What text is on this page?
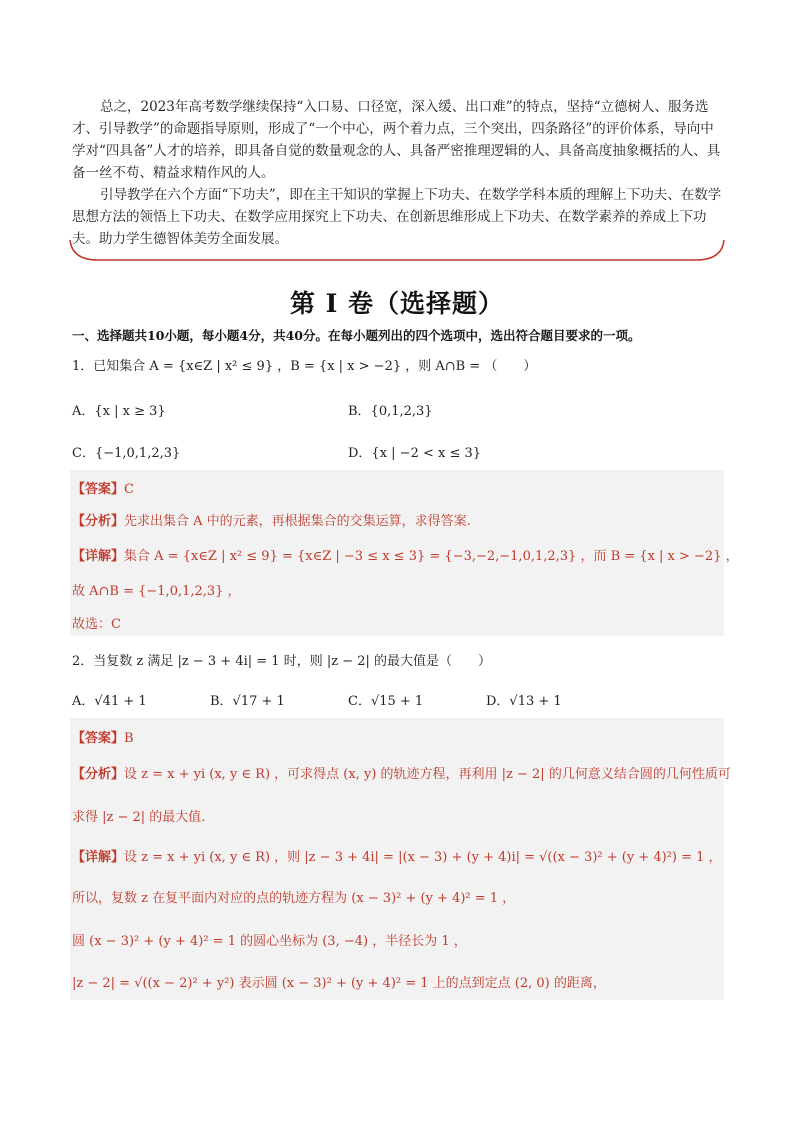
总之，2023年高考数学继续保持“入口易、口径宽，深入缓、出口难”的特点，坚持“立德树人、服务选才、引导教学”的命题指导原则，形成了“一个中心，两个着力点，三个突出，四条路径”的评价体系，导向中学对“四具备”人才的培养，即具备自觉的数量观念的人、具备严密推理逻辑的人、具备高度抽象概括的人、具备一丝不苟、精益求精作风的人。

引导教学在六个方面“下功夫”，即在主干知识的掌握上下功夫、在数学学科本质的理解上下功夫、在数学思想方法的领悟上下功夫、在数学应用探究上下功夫、在创新思维形成上下功夫、在数学素养的养成上下功夫。助力学生德智体美劳全面发展。

第 I 卷（选择题）
一、选择题共10小题，每小题4分，共40分。在每小题列出的四个选项中，选出符合题目要求的一项。
1．已知集合 A = {x∈Z | x² ≤ 9} ，B = {x | x > −2} ，则 A∩B = （　　）
A．{x | x ≥ 3}	B．{0,1,2,3}
C．{−1,0,1,2,3}	D．{x | −2 < x ≤ 3}
【答案】C
【分析】先求出集合 A 中的元素，再根据集合的交集运算，求得答案.
【详解】集合 A = {x∈Z | x² ≤ 9} = {x∈Z | −3 ≤ x ≤ 3} = {−3,−2,−1,0,1,2,3} ，而 B = {x | x > −2} ，
故 A∩B = {−1,0,1,2,3} ，
故选：C
2．当复数 z 满足 |z − 3 + 4i| = 1 时，则 |z − 2| 的最大值是（　　）
A．√41 + 1	B．√17 + 1	C．√15 + 1	D．√13 + 1
【答案】B
【分析】设 z = x + yi (x, y ∈ R) ，可求得点 (x, y) 的轨迹方程，再利用 |z − 2| 的几何意义结合圆的几何性质可
求得 |z − 2| 的最大值.
【详解】设 z = x + yi (x, y ∈ R) ，则 |z − 3 + 4i| = |(x − 3) + (y + 4)i| = √((x − 3)² + (y + 4)²) = 1 ，
所以，复数 z 在复平面内对应的点的轨迹方程为 (x − 3)² + (y + 4)² = 1 ，
圆 (x − 3)² + (y + 4)² = 1 的圆心坐标为 (3, −4) ，半径长为 1 ，
|z − 2| = √((x − 2)² + y²) 表示圆 (x − 3)² + (y + 4)² = 1 上的点到定点 (2, 0) 的距离，
